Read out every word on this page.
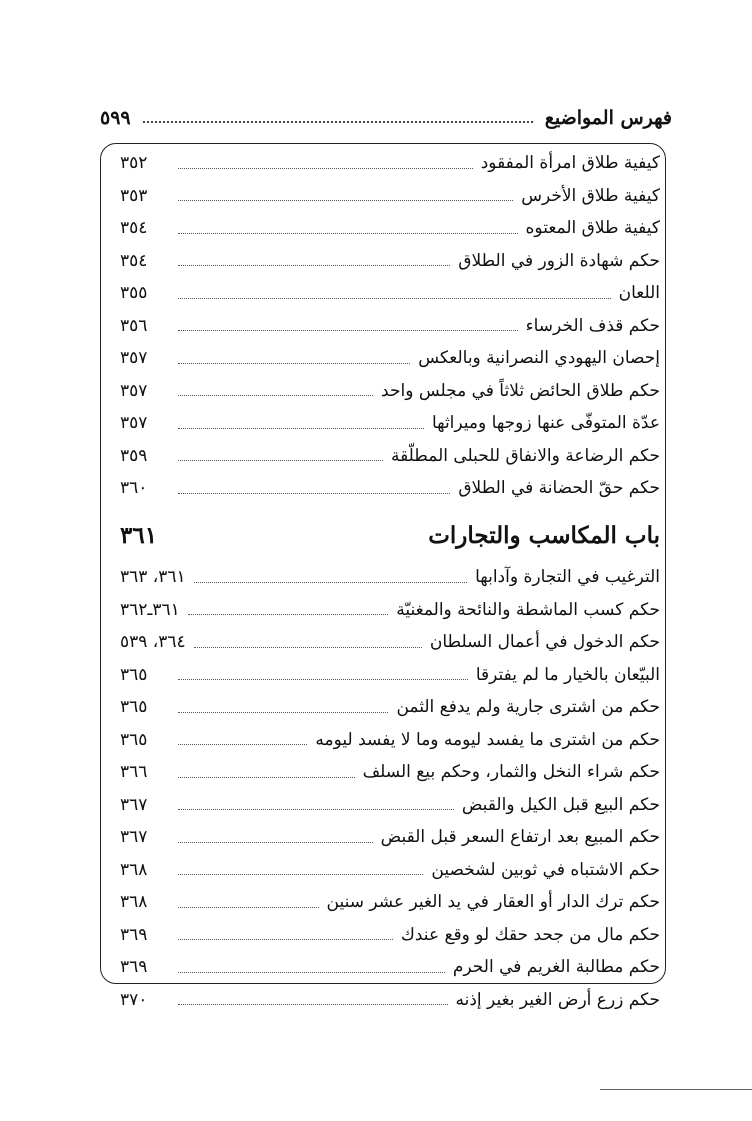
فهرس المواضيع
٥٩٩
كيفية طلاق امرأة المفقود
٣٥٢
كيفية طلاق الأخرس
٣٥٣
كيفية طلاق المعتوه
٣٥٤
حكم شهادة الزور في الطلاق
٣٥٤
اللعان
٣٥٥
حكم قذف الخرساء
٣٥٦
إحصان اليهودي النصرانية وبالعكس
٣٥٧
حكم طلاق الحائض ثلاثاً في مجلس واحد
٣٥٧
عدّة المتوفّى عنها زوجها وميراثها
٣٥٧
حكم الرضاعة والانفاق للحبلى المطلّقة
٣٥٩
حكم حقّ الحضانة في الطلاق
٣٦٠
باب المكاسب والتجارات
٣٦١
الترغيب في التجارة وآدابها
٣٦١، ٣٦٣
حكم كسب الماشطة والنائحة والمغنيّة
٣٦١ـ٣٦٢
حكم الدخول في أعمال السلطان
٣٦٤، ٥٣٩
البيّعان بالخيار ما لم يفترقا
٣٦٥
حكم من اشترى جارية ولم يدفع الثمن
٣٦٥
حكم من اشترى ما يفسد ليومه وما لا يفسد ليومه
٣٦٥
حكم شراء النخل والثمار، وحكم بيع السلف
٣٦٦
حكم البيع قبل الكيل والقبض
٣٦٧
حكم المبيع بعد ارتفاع السعر قبل القبض
٣٦٧
حكم الاشتباه في ثوبين لشخصين
٣٦٨
حكم ترك الدار أو العقار في يد الغير عشر سنين
٣٦٨
حكم مال من جحد حقك لو وقع عندك
٣٦٩
حكم مطالبة الغريم في الحرم
٣٦٩
حكم زرع أرض الغير بغير إذنه
٣٧٠
